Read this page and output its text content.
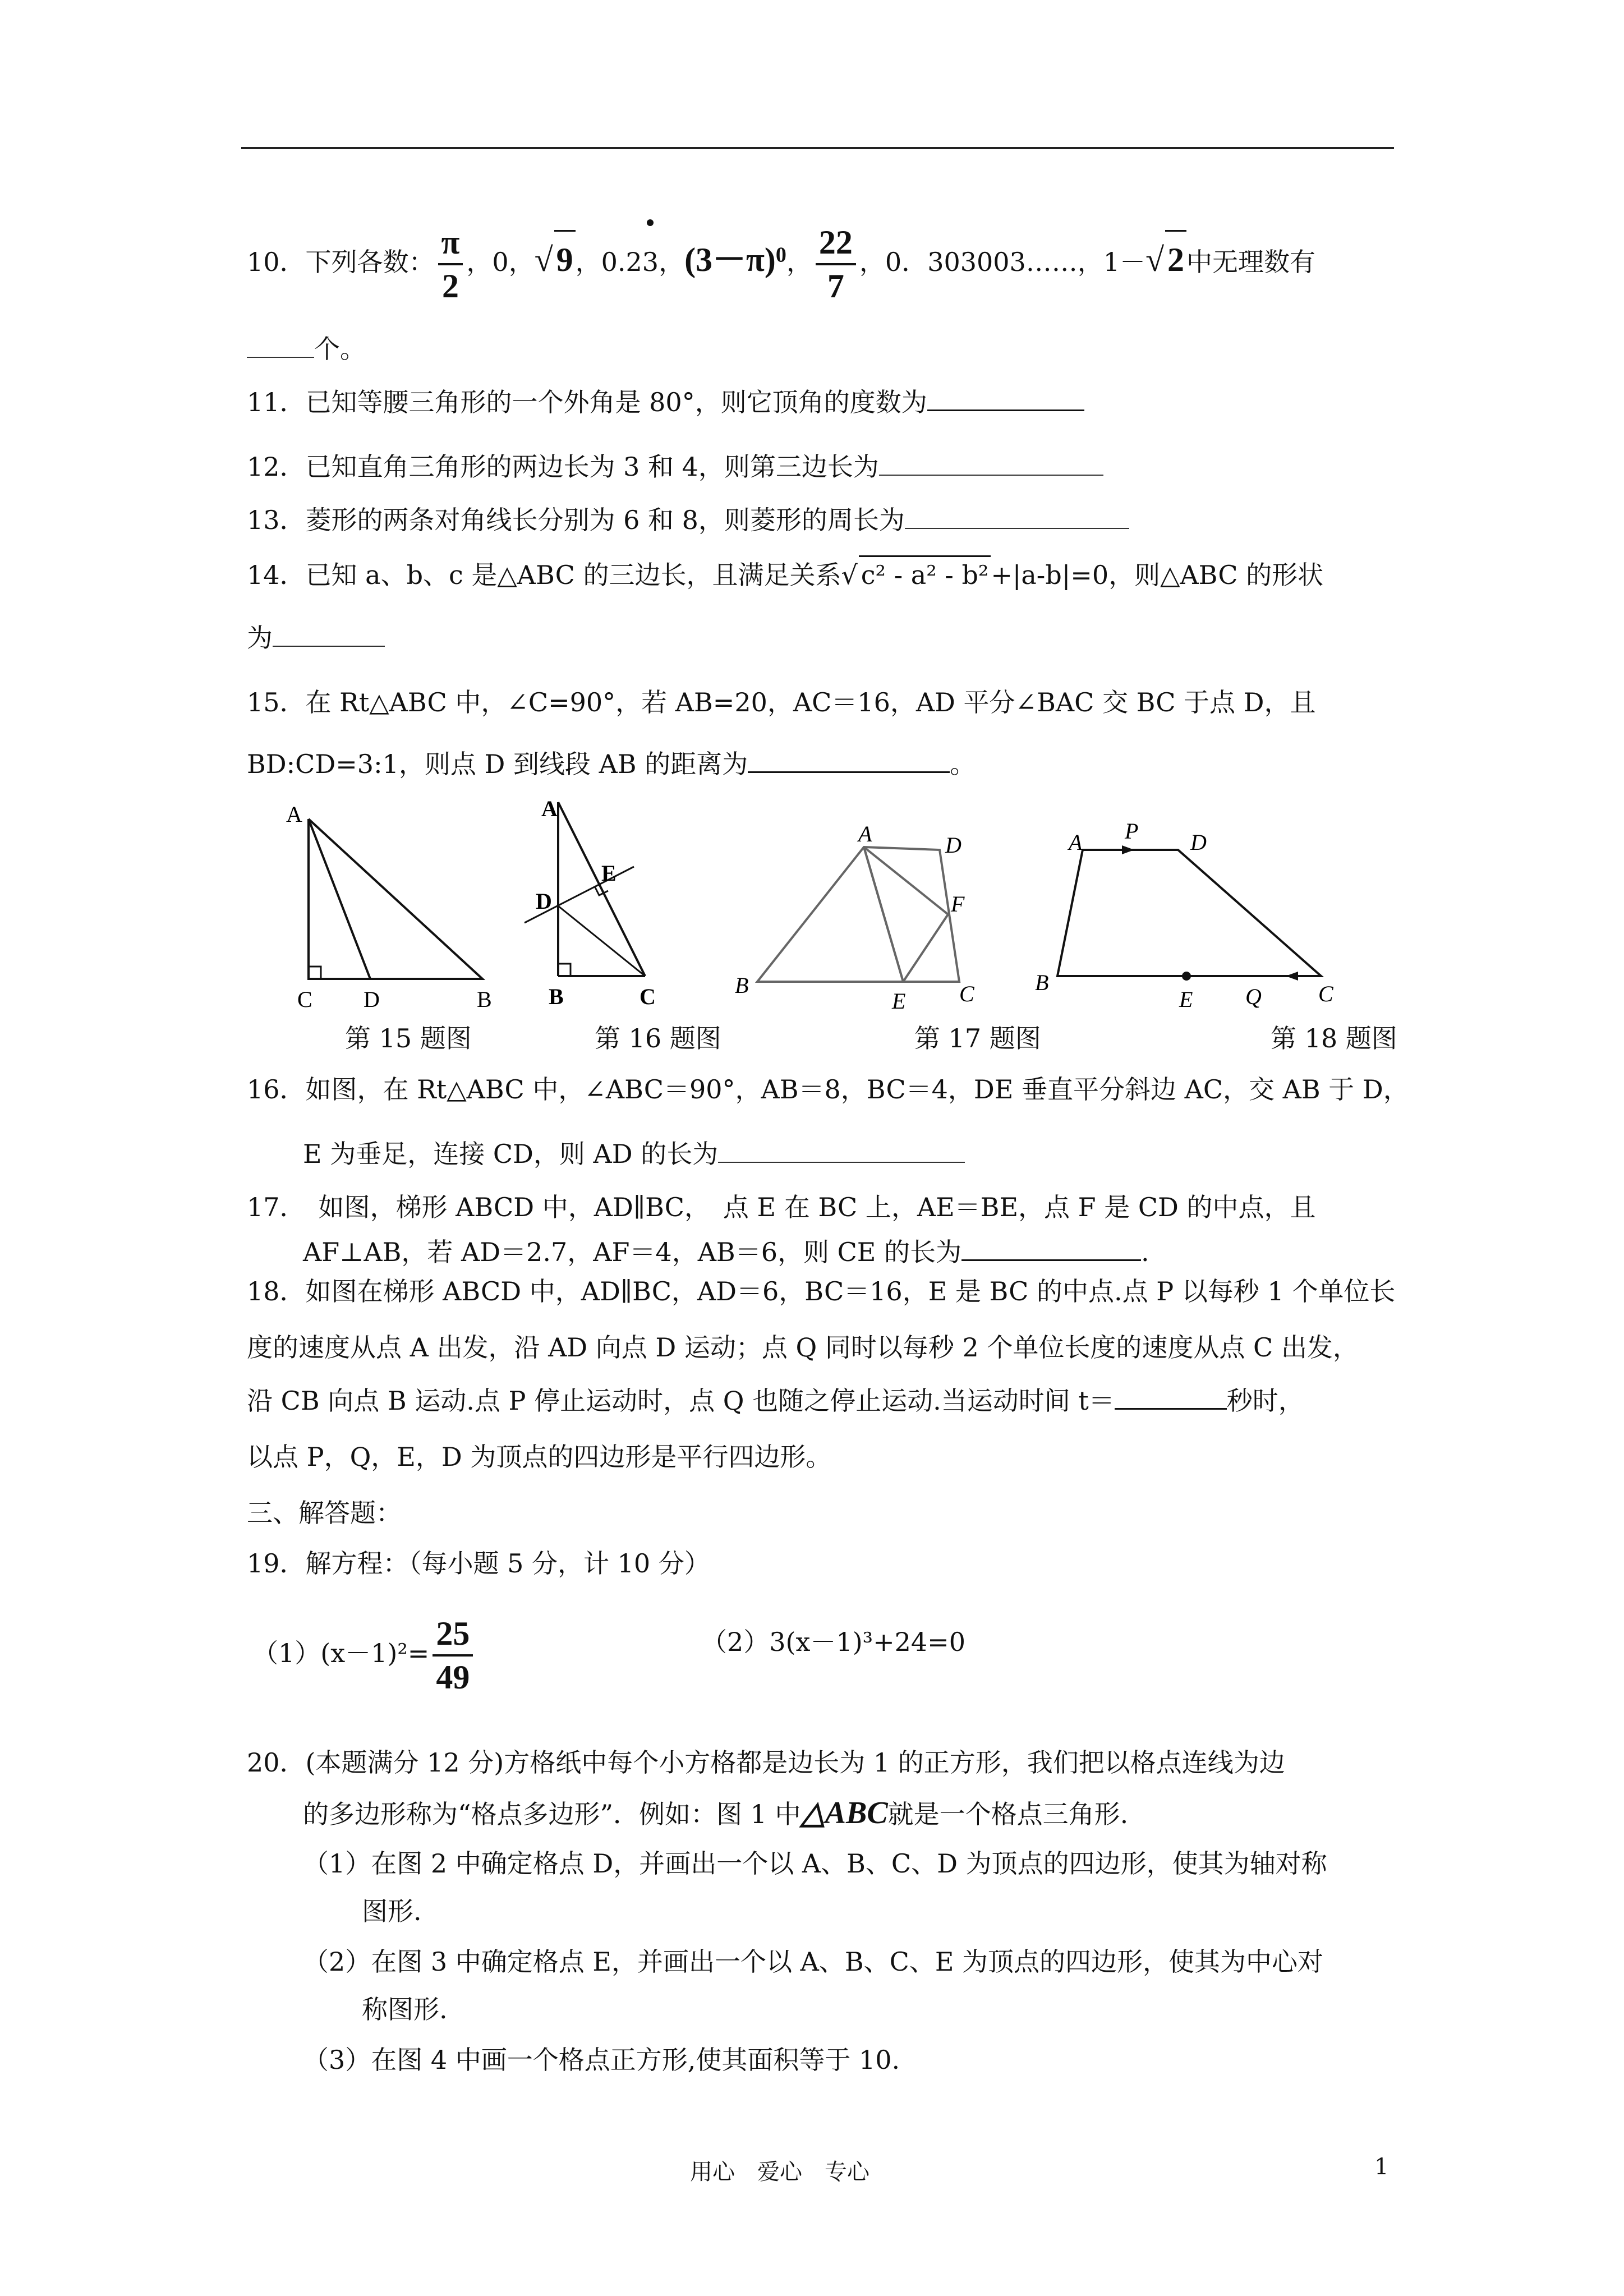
10．下列各数： $\frac{\pi}{2}$ ，0，√ 9，0.23，$(3-\pi)^0$， $\frac{22}{7}$ ，0．303003……，1－√ 2中无理数有
个。
11．已知等腰三角形的一个外角是 80°，则它顶角的度数为
12．已知直角三角形的两边长为 3 和 4，则第三边长为
13．菱形的两条对角线长分别为 6 和 8，则菱形的周长为
14．已知 a、b、c 是△ABC 的三边长，且满足关系√ c² - a² - b²+|a-b|=0，则△ABC 的形状
为
15．在 Rt△ABC 中，∠C=90°，若 AB=20，AC＝16，AD 平分∠BAC 交 BC 于点 D，且
BD:CD=3:1，则点 D 到线段 AB 的距离为	。
A
C D	B
第 15 题图
A
E
D
B	C
第 16 题图
A	D
F
B
E C
第 17 题图
A P D
B
E Q	C
第 18 题图
16．如图，在 Rt△ABC 中，∠ABC＝90°，AB＝8，BC＝4，DE 垂直平分斜边 AC，交 AB 于 D，
E 为垂足，连接 CD，则 AD 的长为
17．　如图，梯形 ABCD 中，AD∥BC，　点 E 在 BC 上，AE＝BE，点 F 是 CD 的中点，且
AF⊥AB，若 AD＝2.7，AF＝4，AB＝6，则 CE 的长为	.
18．如图在梯形 ABCD 中，AD∥BC，AD＝6，BC＝16，E 是 BC 的中点.点 P 以每秒 1 个单位长
度的速度从点 A 出发，沿 AD 向点 D 运动；点 Q 同时以每秒 2 个单位长度的速度从点 C 出发，
沿 CB 向点 B 运动.点 P 停止运动时，点 Q 也随之停止运动.当运动时间 t＝	秒时，
以点 P，Q，E，D 为顶点的四边形是平行四边形。
三、解答题：
19．解方程：（每小题 5 分，计 10 分）
$(1)(x-1)^2= \frac{25}{49}$	（2）3(x－1)³+24=0
20．(本题满分 12 分)方格纸中每个小方格都是边长为 1 的正方形，我们把以格点连线为边
的多边形称为“格点多边形”．例如：图 1 中△ABC就是一个格点三角形.
（1）在图 2 中确定格点 D，并画出一个以 A、B、C、D 为顶点的四边形，使其为轴对称
图形.
（2）在图 3 中确定格点 E，并画出一个以 A、B、C、E 为顶点的四边形，使其为中心对
称图形.
（3）在图 4 中画一个格点正方形,使其面积等于 10.
用心　爱心　专心	1
